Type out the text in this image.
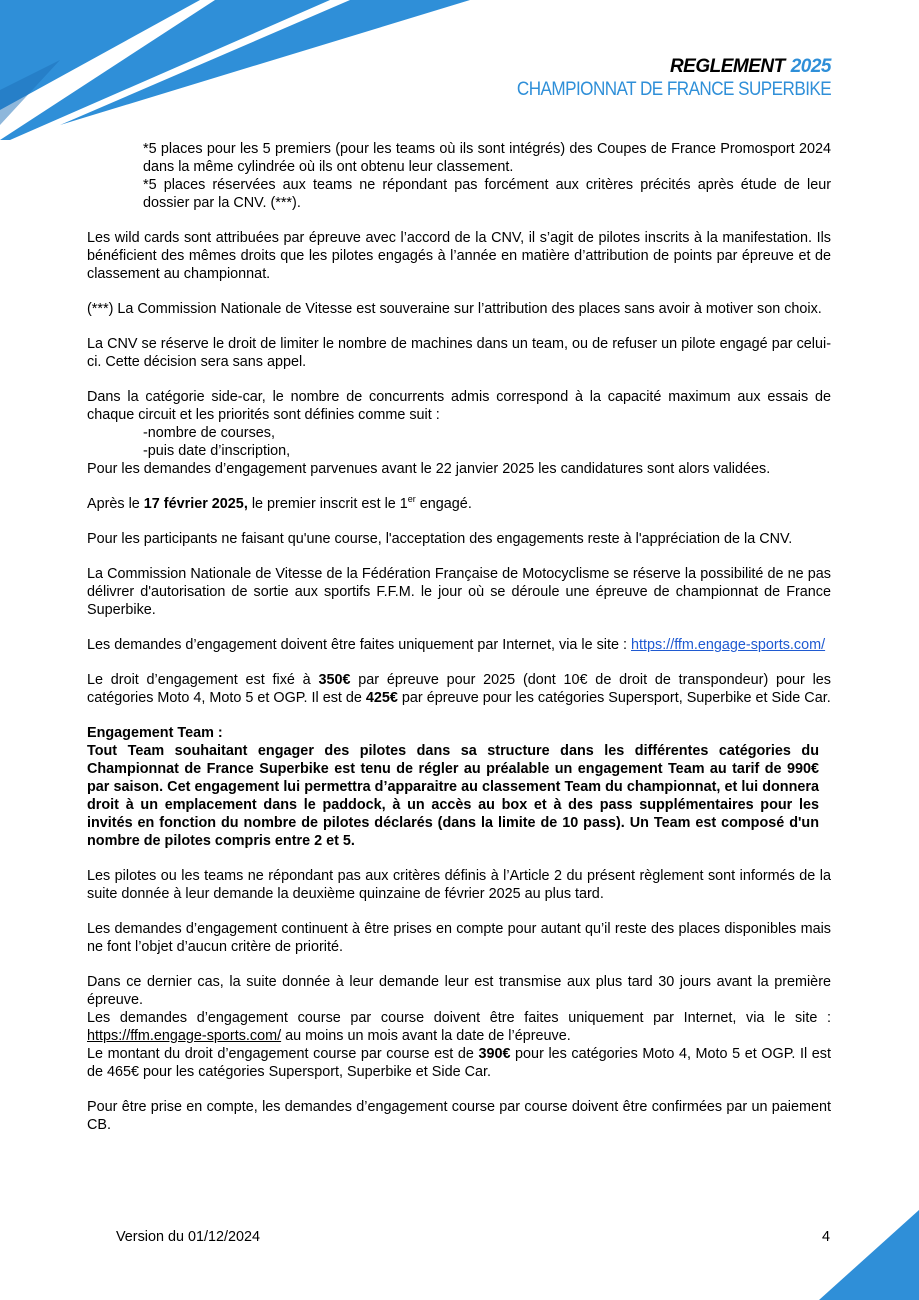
REGLEMENT 2025
CHAMPIONNAT DE FRANCE SUPERBIKE

*5 places pour les 5 premiers (pour les teams où ils sont intégrés) des Coupes de France Promosport 2024 dans la même cylindrée où ils ont obtenu leur classement.

*5 places réservées aux teams ne répondant pas forcément aux critères précités après étude de leur dossier par la CNV. (***).

Les wild cards sont attribuées par épreuve avec l’accord de la CNV, il s’agit de pilotes inscrits à la manifestation. Ils bénéficient des mêmes droits que les pilotes engagés à l’année en matière d’attribution de points par épreuve et de classement au championnat.

(***) La Commission Nationale de Vitesse est souveraine sur l’attribution des places sans avoir à motiver son choix.

La CNV se réserve le droit de limiter le nombre de machines dans un team, ou de refuser un pilote engagé par celui-ci. Cette décision sera sans appel.

Dans la catégorie side-car, le nombre de concurrents admis correspond à la capacité maximum aux essais de chaque circuit et les priorités sont définies comme suit :

-nombre de courses,

-puis date d’inscription,

Pour les demandes d’engagement parvenues avant le 22 janvier 2025 les candidatures sont alors validées.

Après le 17 février 2025, le premier inscrit est le 1er engagé.

Pour les participants ne faisant qu'une course, l'acceptation des engagements reste à l'appréciation de la CNV.

La Commission Nationale de Vitesse de la Fédération Française de Motocyclisme se réserve la possibilité de ne pas délivrer d'autorisation de sortie aux sportifs F.F.M. le jour où se déroule une épreuve de championnat de France Superbike.

Les demandes d’engagement doivent être faites uniquement par Internet, via le site : https://ffm.engage-sports.com/

Le droit d’engagement est fixé à 350€ par épreuve pour 2025 (dont 10€ de droit de transpondeur) pour les catégories Moto 4, Moto 5 et OGP. Il est de 425€ par épreuve pour les catégories Supersport, Superbike et Side Car.

Engagement Team :

Tout Team souhaitant engager des pilotes dans sa structure dans les différentes catégories du Championnat de France Superbike est tenu de régler au préalable un engagement Team au tarif de 990€ par saison. Cet engagement lui permettra d’apparaitre au classement Team du championnat, et lui donnera droit à un emplacement dans le paddock, à un accès au box et à des pass supplémentaires pour les invités en fonction du nombre de pilotes déclarés (dans la limite de 10 pass). Un Team est composé d'un nombre de pilotes compris entre 2 et 5.

Les pilotes ou les teams ne répondant pas aux critères définis à l’Article 2 du présent règlement sont informés de la suite donnée à leur demande la deuxième quinzaine de février 2025 au plus tard.

Les demandes d’engagement continuent à être prises en compte pour autant qu’il reste des places disponibles mais ne font l’objet d’aucun critère de priorité.

Dans ce dernier cas, la suite donnée à leur demande leur est transmise aux plus tard 30 jours avant la première épreuve.

Les demandes d’engagement course par course doivent être faites uniquement par Internet, via le site : https://ffm.engage-sports.com/ au moins un mois avant la date de l’épreuve.

Le montant du droit d’engagement course par course est de 390€ pour les catégories Moto 4, Moto 5 et OGP. Il est de 465€ pour les catégories Supersport, Superbike et Side Car.

Pour être prise en compte, les demandes d’engagement course par course doivent être confirmées par un paiement CB.

Version du 01/12/2024	4
